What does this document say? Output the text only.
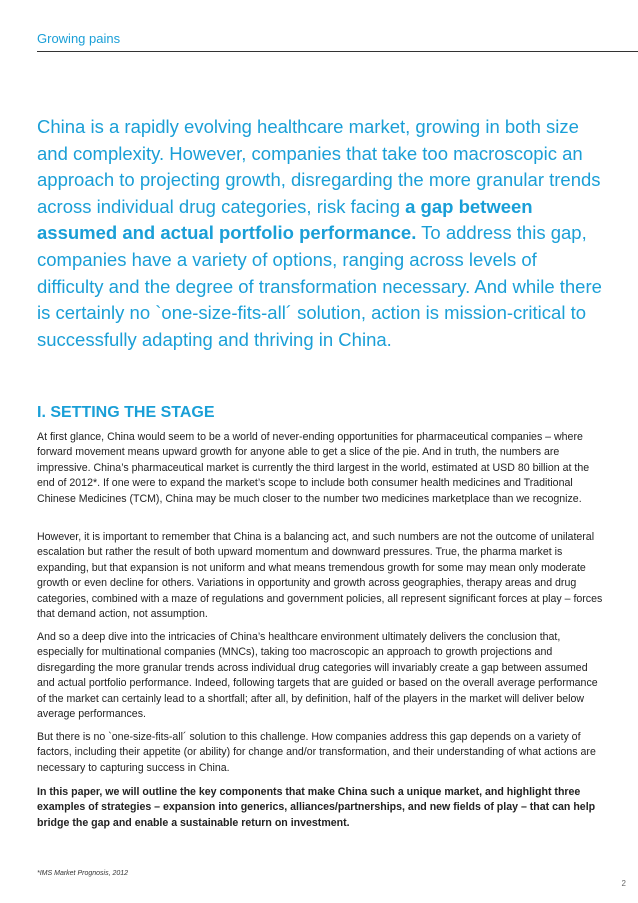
Growing pains
China is a rapidly evolving healthcare market, growing in both size and complexity. However, companies that take too macroscopic an approach to projecting growth, disregarding the more granular trends across individual drug categories, risk facing a gap between assumed and actual portfolio performance. To address this gap, companies have a variety of options, ranging across levels of difficulty and the degree of transformation necessary. And while there is certainly no `one-size-fits-all´ solution, action is mission-critical to successfully adapting and thriving in China.
I. SETTING THE STAGE

At first glance, China would seem to be a world of never-ending opportunities for pharmaceutical companies – where forward movement means upward growth for anyone able to get a slice of the pie. And in truth, the numbers are impressive. China’s pharmaceutical market is currently the third largest in the world, estimated at USD 80 billion at the end of 2012*. If one were to expand the market’s scope to include both consumer health medicines and Traditional Chinese Medicines (TCM), China may be much closer to the number two medicines marketplace than we recognize.

However, it is important to remember that China is a balancing act, and such numbers are not the outcome of unilateral escalation but rather the result of both upward momentum and downward pressures. True, the pharma market is expanding, but that expansion is not uniform and what means tremendous growth for some may mean only moderate growth or even decline for others. Variations in opportunity and growth across geographies, therapy areas and drug categories, combined with a maze of regulations and government policies, all represent significant forces at play – forces that demand action, not assumption.

And so a deep dive into the intricacies of China’s healthcare environment ultimately delivers the conclusion that, especially for multinational companies (MNCs), taking too macroscopic an approach to growth projections and disregarding the more granular trends across individual drug categories will invariably create a gap between assumed and actual portfolio performance. Indeed, following targets that are guided or based on the overall average performance of the market can certainly lead to a shortfall; after all, by definition, half of the players in the market will deliver below average performances.

But there is no `one-size-fits-all´ solution to this challenge. How companies address this gap depends on a variety of factors, including their appetite (or ability) for change and/or transformation, and their understanding of what actions are necessary to capturing success in China.

In this paper, we will outline the key components that make China such a unique market, and highlight three examples of strategies – expansion into generics, alliances/partnerships, and new fields of play – that can help bridge the gap and enable a sustainable return on investment.

*IMS Market Prognosis, 2012
2
